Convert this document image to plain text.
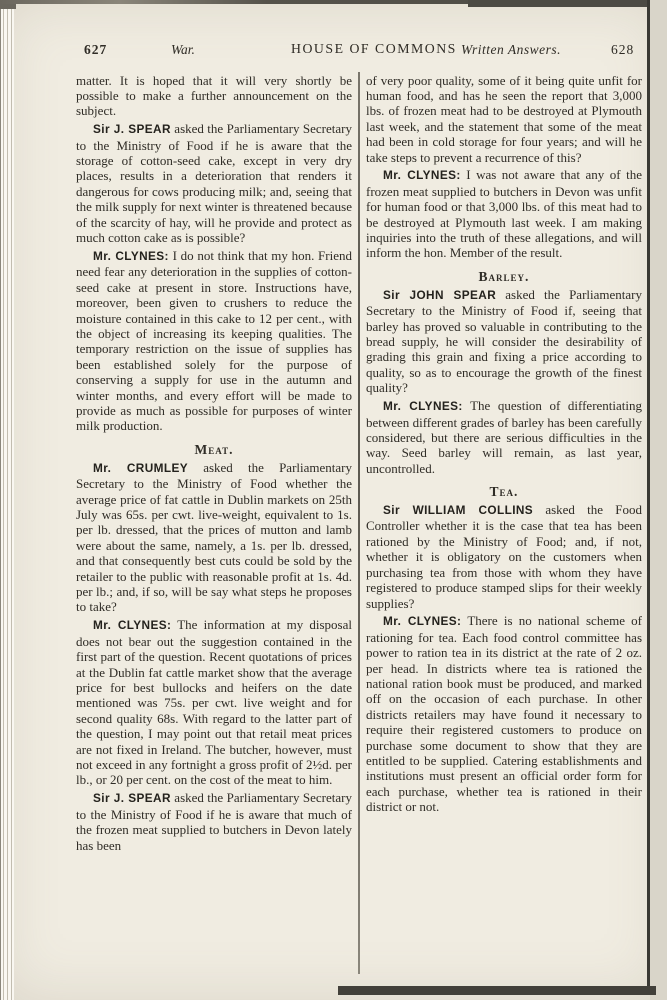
627	War.	HOUSE OF COMMONS Written Answers.	628

matter. It is hoped that it will very shortly be possible to make a further announcement on the subject.

Sir J. SPEAR asked the Parliamentary Secretary to the Ministry of Food if he is aware that the storage of cotton-seed cake, except in very dry places, results in a deterioration that renders it dangerous for cows producing milk; and, seeing that the milk supply for next winter is threatened because of the scarcity of hay, will he provide and protect as much cotton cake as is possible?

Mr. CLYNES: I do not think that my hon. Friend need fear any deterioration in the supplies of cotton-seed cake at present in store. Instructions have, moreover, been given to crushers to reduce the moisture contained in this cake to 12 per cent., with the object of increasing its keeping qualities. The temporary restriction on the issue of supplies has been established solely for the purpose of conserving a supply for use in the autumn and winter months, and every effort will be made to provide as much as possible for purposes of winter milk production.

Meat.

Mr. CRUMLEY asked the Parliamentary Secretary to the Ministry of Food whether the average price of fat cattle in Dublin markets on 25th July was 65s. per cwt. live-weight, equivalent to 1s. per lb. dressed, that the prices of mutton and lamb were about the same, namely, a 1s. per lb. dressed, and that consequently best cuts could be sold by the retailer to the public with reasonable profit at 1s. 4d. per lb.; and, if so, will be say what steps he proposes to take?

Mr. CLYNES: The information at my disposal does not bear out the suggestion contained in the first part of the question. Recent quotations of prices at the Dublin fat cattle market show that the average price for best bullocks and heifers on the date mentioned was 75s. per cwt. live weight and for second quality 68s. With regard to the latter part of the question, I may point out that retail meat prices are not fixed in Ireland. The butcher, however, must not exceed in any fortnight a gross profit of 2½d. per lb., or 20 per cent. on the cost of the meat to him.

Sir J. SPEAR asked the Parliamentary Secretary to the Ministry of Food if he is aware that much of the frozen meat supplied to butchers in Devon lately has been

of very poor quality, some of it being quite unfit for human food, and has he seen the report that 3,000 lbs. of frozen meat had to be destroyed at Plymouth last week, and the statement that some of the meat had been in cold storage for four years; and will he take steps to prevent a recurrence of this?

Mr. CLYNES: I was not aware that any of the frozen meat supplied to butchers in Devon was unfit for human food or that 3,000 lbs. of this meat had to be destroyed at Plymouth last week. I am making inquiries into the truth of these allegations, and will inform the hon. Member of the result.

Barley.

Sir JOHN SPEAR asked the Parliamentary Secretary to the Ministry of Food if, seeing that barley has proved so valuable in contributing to the bread supply, he will consider the desirability of grading this grain and fixing a price according to quality, so as to encourage the growth of the finest quality?

Mr. CLYNES: The question of differentiating between different grades of barley has been carefully considered, but there are serious difficulties in the way. Seed barley will remain, as last year, uncontrolled.

Tea.

Sir WILLIAM COLLINS asked the Food Controller whether it is the case that tea has been rationed by the Ministry of Food; and, if not, whether it is obligatory on the customers when purchasing tea from those with whom they have registered to produce stamped slips for their weekly supplies?

Mr. CLYNES: There is no national scheme of rationing for tea. Each food control committee has power to ration tea in its district at the rate of 2 oz. per head. In districts where tea is rationed the national ration book must be produced, and marked off on the occasion of each purchase. In other districts retailers may have found it necessary to require their registered customers to produce on purchase some document to show that they are entitled to be supplied. Catering establishments and institutions must present an official order form for each purchase, whether tea is rationed in their district or not.
